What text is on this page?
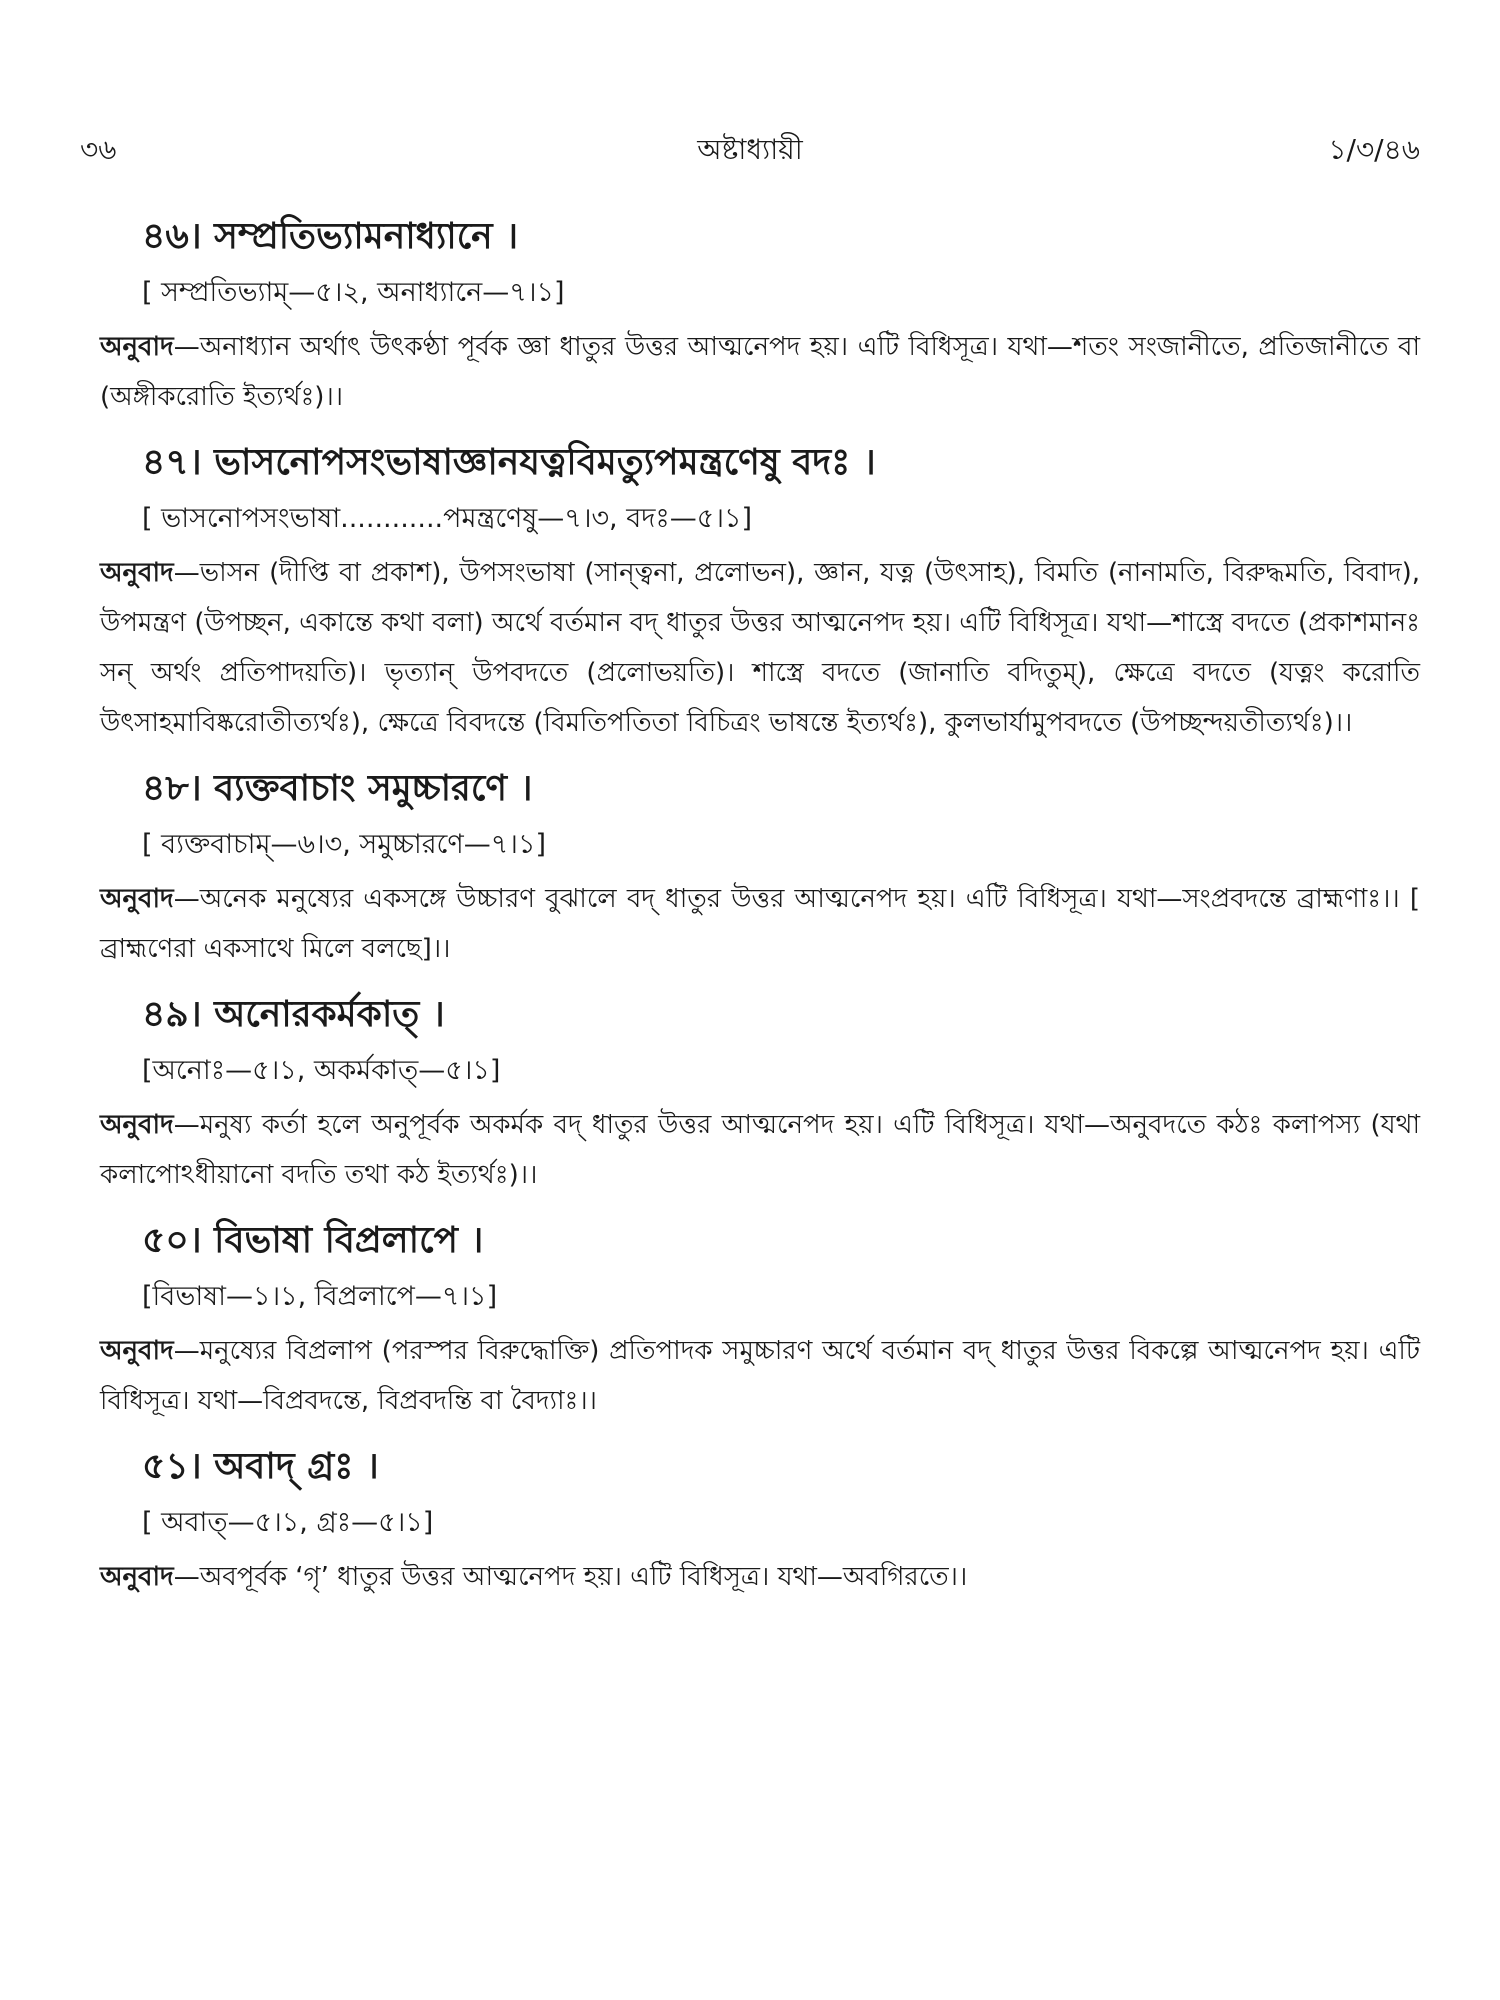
৩৬	অষ্টাধ্যায়ী	১/৩/৪৬
৪৬। সম্প্রতিভ্যামনাধ্যানে ।
[ সম্প্রতিভ্যাম্—৫।২, অনাধ্যানে—৭।১]
অনুবাদ—অনাধ্যান অর্থাৎ উৎকণ্ঠা পূর্বক জ্ঞা ধাতুর উত্তর আত্মনেপদ হয়। এটি বিধিসূত্র। যথা—শতং সংজানীতে, প্রতিজানীতে বা (অঙ্গীকরোতি ইত্যর্থঃ)।।
৪৭। ভাসনোপসংভাষাজ্ঞানযত্নবিমত্যুপমন্ত্রণেষু বদঃ ।
[ ভাসনোপসংভাষা............পমন্ত্রণেষু—৭।৩, বদঃ—৫।১]
অনুবাদ—ভাসন (দীপ্তি বা প্রকাশ), উপসংভাষা (সান্ত্বনা, প্রলোভন), জ্ঞান, যত্ন (উৎসাহ), বিমতি (নানামতি, বিরুদ্ধমতি, বিবাদ), উপমন্ত্রণ (উপচ্ছন, একান্তে কথা বলা) অর্থে বর্তমান বদ্ ধাতুর উত্তর আত্মনেপদ হয়। এটি বিধিসূত্র। যথা—শাস্ত্রে বদতে (প্রকাশমানঃ সন্ অর্থং প্রতিপাদয়তি)। ভৃত্যান্ উপবদতে (প্রলোভয়তি)। শাস্ত্রে বদতে (জানাতি বদিতুম্), ক্ষেত্রে বদতে (যত্নং করোতি উৎসাহমাবিষ্করোতীত্যর্থঃ), ক্ষেত্রে বিবদন্তে (বিমতিপতিতা বিচিত্রং ভাষন্তে ইত্যর্থঃ), কুলভার্যামুপবদতে (উপচ্ছন্দয়তীত্যর্থঃ)।।
৪৮। ব্যক্তবাচাং সমুচ্চারণে ।
[ ব্যক্তবাচাম্—৬।৩, সমুচ্চারণে—৭।১]
অনুবাদ—অনেক মনুষ্যের একসঙ্গে উচ্চারণ বুঝালে বদ্ ধাতুর উত্তর আত্মনেপদ হয়। এটি বিধিসূত্র। যথা—সংপ্রবদন্তে ব্রাহ্মণাঃ।। [ ব্রাহ্মণেরা একসাথে মিলে বলছে]।।
৪৯। অনোরকর্মকাত্ ।
[অনোঃ—৫।১, অকর্মকাত্—৫।১]
অনুবাদ—মনুষ্য কর্তা হলে অনুপূর্বক অকর্মক বদ্ ধাতুর উত্তর আত্মনেপদ হয়। এটি বিধিসূত্র। যথা—অনুবদতে কঠঃ কলাপস্য (যথা কলাপোঽধীয়ানো বদতি তথা কঠ ইত্যর্থঃ)।।
৫০। বিভাষা বিপ্রলাপে ।
[বিভাষা—১।১, বিপ্রলাপে—৭।১]
অনুবাদ—মনুষ্যের বিপ্রলাপ (পরস্পর বিরুদ্ধোক্তি) প্রতিপাদক সমুচ্চারণ অর্থে বর্তমান বদ্ ধাতুর উত্তর বিকল্পে আত্মনেপদ হয়। এটি বিধিসূত্র। যথা—বিপ্রবদন্তে, বিপ্রবদন্তি বা বৈদ্যাঃ।।
৫১। অবাদ্ গ্রঃ ।
[ অবাত্—৫।১, গ্রঃ—৫।১]
অনুবাদ—অবপূর্বক ‘গৃ’ ধাতুর উত্তর আত্মনেপদ হয়। এটি বিধিসূত্র। যথা—অবগিরতে।।
